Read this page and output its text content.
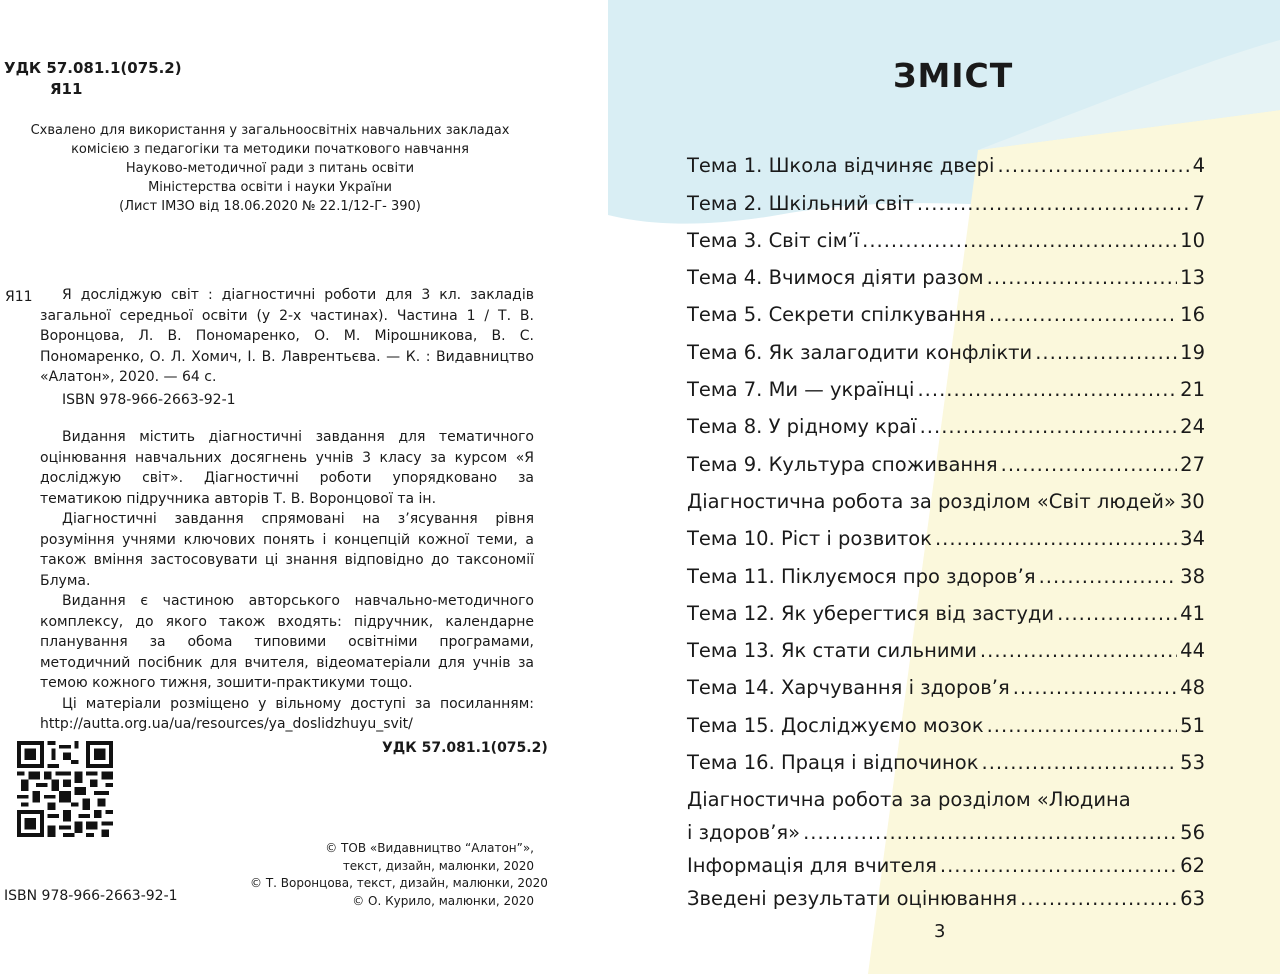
УДК 57.081.1(075.2)
Я11
Схвалено для використання у загальноосвітніх навчальних закладах
комісією з педагогіки та методики початкового навчання
Науково-методичної ради з питань освіти
Міністерства освіти і науки України
(Лист ІМЗО від 18.06.2020 № 22.1/12-Г- 390)
Я11	Я досліджую світ : діагностичні роботи для 3 кл. закладів загальної середньої освіти (у 2-х частинах). Частина 1 / Т. В. Воронцова, Л. В. Пономаренко, О. М. Мірошникова, В. С. Пономаренко, О. Л. Хомич, І. В. Лаврентьєва. — К. : Видавництво «Алатон», 2020. — 64 с.

ISBN 978-966-2663-92-1

Видання містить діагностичні завдання для тематичного оцінювання навчальних досягнень учнів 3 класу за курсом «Я досліджую світ». Діагностичні роботи упорядковано за тематикою підручника авторів Т. В. Воронцової та ін.

Діагностичні завдання спрямовані на з’ясування рівня розуміння учнями ключових понять і концепцій кожної теми, а також вміння застосовувати ці знання відповідно до таксономії Блума.

Видання є частиною авторського навчально-методичного комплексу, до якого також входять: підручник, календарне планування за обома типовими освітніми програмами, методичний посібник для вчителя, відеоматеріали для учнів за темою кожного тижня, зошити-практикуми тощо.

Ці матеріали розміщено у вільному доступі за посиланням: http://autta.org.ua/ua/resources/ya_doslidzhuyu_svit/

УДК 57.081.1(075.2)
© ТОВ «Видавництво “Алатон”»,
текст, дизайн, малюнки, 2020
© Т. Воронцова, текст, дизайн, малюнки, 2020
© О. Курило, малюнки, 2020
ISBN 978-966-2663-92-1
ЗМІСТ
Тема 1. Школа відчиняє двері .....	4
Тема 2. Шкільний світ .....	7
Тема 3. Світ сім’ї .....	10
Тема 4. Вчимося діяти разом .....	13
Тема 5. Секрети спілкування .....	16
Тема 6. Як залагодити конфлікти .....	19
Тема 7. Ми — українці .....	21
Тема 8. У рідному краї .....	24
Тема 9. Культура споживання .....	27
Діагностична робота за розділом «Світ людей» 30
Тема 10. Ріст і розвиток .....	34
Тема 11. Піклуємося про здоров’я .....	38
Тема 12. Як уберегтися від застуди .....	41
Тема 13. Як стати сильними .....	44
Тема 14. Харчування і здоров’я .....	48
Тема 15. Досліджуємо мозок .....	51
Тема 16. Праця і відпочинок .....	53
Діагностична робота за розділом «Людина
і здоров’я» .....	56
Інформація для вчителя .....	62
Зведені результати оцінювання .....	63
3
